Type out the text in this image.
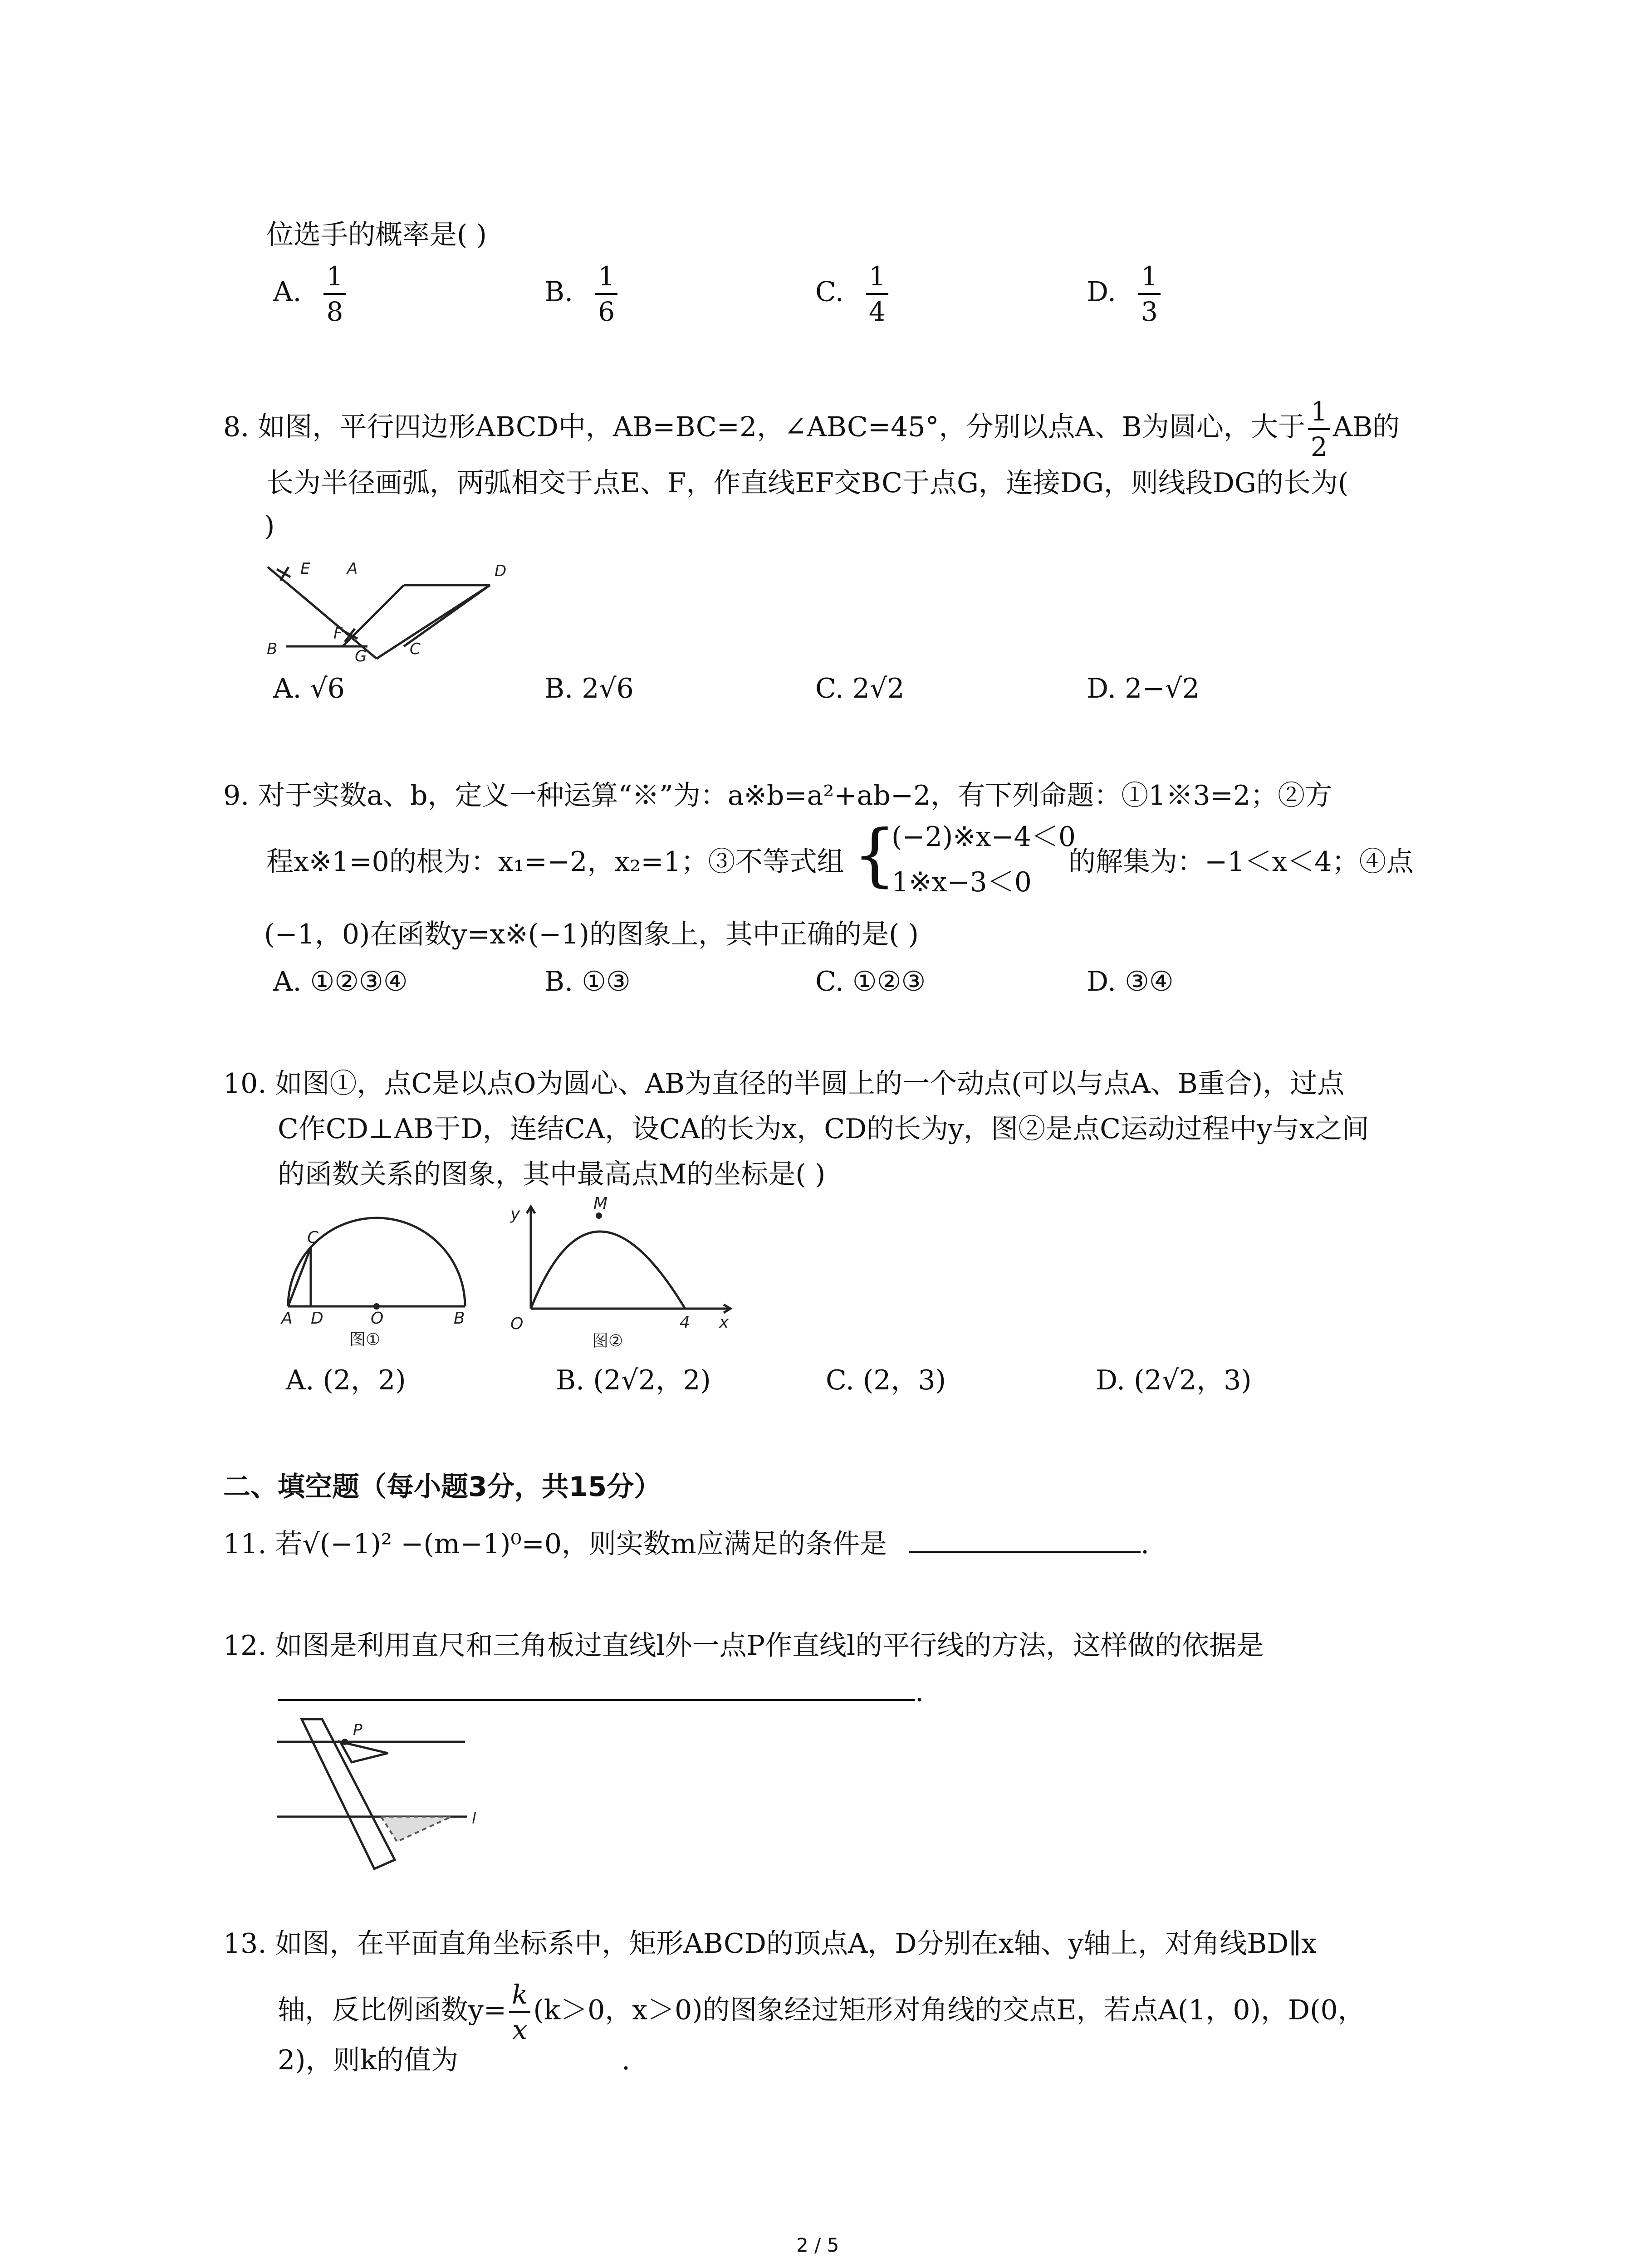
位选手的概率是( )
A. $\frac{1}{8}$	B. $\frac{1}{6}$	C. $\frac{1}{4}$	D. $\frac{1}{3}$
8. 如图，平行四边形ABCD中，AB=BC=2，∠ABC=45°，分别以点A、B为圆心，大于 $\frac{1}{2}$ AB的
长为半径画弧，两弧相交于点E、F，作直线EF交BC于点G，连接DG，则线段DG的长为(
)
E A	D
F
B	G	C
A. √6	B. 2√6	C. 2√2	D. 2−√2
9. 对于实数a、b，定义一种运算“※”为：a※b=a²+ab−2，有下列命题：①1※3=2；②方
程x※1=0的根为：x₁=−2，x₂=1；③不等式组 {
(−2)※x−4＜0
1※x−3＜0
的解集为：−1＜x＜4；④点
(−1，0)在函数y=x※(−1)的图象上，其中正确的是( )
A. ①②③④	B. ①③	C. ①②③	D. ③④
10. 如图①，点C是以点O为圆心、AB为直径的半圆上的一个动点(可以与点A、B重合)，过点
C作CD⊥AB于D，连结CA，设CA的长为x，CD的长为y，图②是点C运动过程中y与x之间
的函数关系的图象，其中最高点M的坐标是( )
C
A D	O	B
图①
y
M
O	4 x
图②
A. (2，2)	B. (2√2，2)	C. (2，3)	D. (2√2，3)
二、填空题（每小题3分，共15分）
11. 若√(−1)² −(m−1)⁰=0，则实数m应满足的条件是	.
12. 如图是利用直尺和三角板过直线l外一点P作直线l的平行线的方法，这样做的依据是
.
P
l
13. 如图，在平面直角坐标系中，矩形ABCD的顶点A，D分别在x轴、y轴上，对角线BD∥x
轴，反比例函数$y= \frac{k}{x} (k>0$，x＞0)的图象经过矩形对角线的交点E，若点A(1，0)，D(0，
2)，则k的值为	.
2 / 5
